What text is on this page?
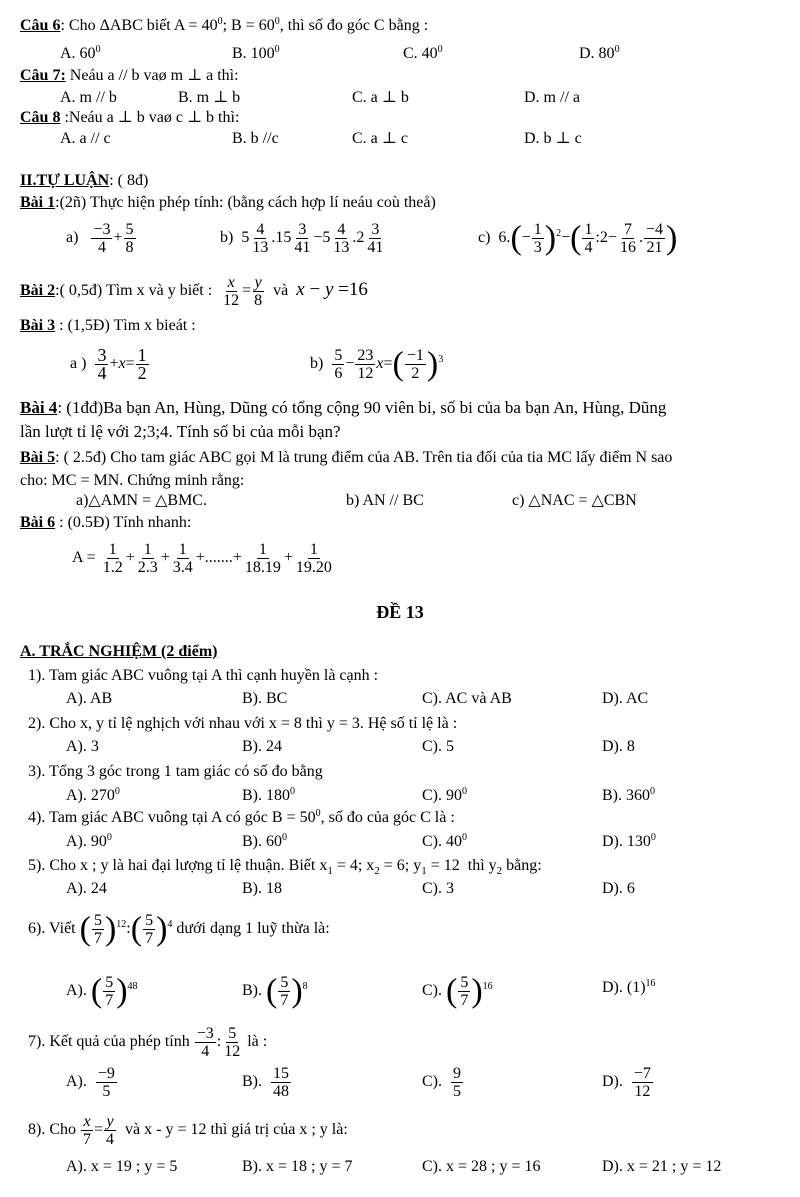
Câu 6: Cho ΔABC biết $A = 40^0$; $B = 60^0$, thì số đo góc C bằng :
A. $60^0$	B. $100^0$	C. $40^0$	D. $80^0$
Câu 7: Neáu a // b vaø m ⊥ a thì:
A. m // b	B. m ⊥ b	C. a ⊥ b	D. m // a
Câu 8 :Neáu a ⊥ b vaø c ⊥ b thì:
A. a // c	B. b //c	C. a ⊥ c	D. b ⊥ c
II.TỰ LUẬN: ( 8đ)
Bài 1:(2ñ) Thực hiện phép tính: (bằng cách hợp lí neáu coù theå)
$a) \frac{-3}{4} + \frac{5}{8}$	b)  $5 \frac{4}{13} .15 \frac{3}{41} -5 \frac{4}{13} .2 \frac{3}{41}$	c)  $6.(- \frac{1}{3} )^2-( \frac{1}{4}$ :2− $\frac{7}{16}$ . $\frac{-4}{21}$ )
Bài 2:( 0,5đ) Tìm x và y biết : $\frac{x}{12} = \frac{y}{8}$ và x − y =16
Bài 3 : (1,5Đ) Tìm x bieát :
a ) $\frac{3}{4} +x= \frac{1}{2}$	$b) \frac{5}{6} - \frac{23}{12} x=( \frac{-1}{2} )^3$
Bài 4: (1đđ)Ba bạn An, Hùng, Dũng có tổng cộng 90 viên bi, số bi của ba bạn An, Hùng, Dũng
lần lượt tỉ lệ với 2;3;4. Tính số bi của mỗi bạn?
Bài 5: ( 2.5đ) Cho tam giác ABC gọi M là trung điểm của AB. Trên tia đối của tia MC lấy điểm N sao
cho: MC = MN. Chứng minh rằng:
a)△AMN = △BMC.	b) AN // BC	c) △NAC = △CBN
Bài 6 : (0.5Đ) Tính nhanh:
$A = \frac{1}{1.2} + \frac{1}{2.3} + \frac{1}{3.4}$ +.......+ $\frac{1}{18.19} + \frac{1}{19.20}$
ĐỀ 13
A. TRẮC NGHIỆM (2 điểm)
1). Tam giác ABC vuông tại A thì cạnh huyền là cạnh :
A). AB	B). BC	C). AC và AB	D). AC
2). Cho x, y tỉ lệ nghịch với nhau với x = 8 thì y = 3. Hệ số tỉ lệ là :
A). 3	B). 24	C). 5	D). 8
3). Tổng 3 góc trong 1 tam giác có số đo bằng
A). $270^0$	B). $180^0$	C). $90^0$	B). $360^0$
4). Tam giác ABC vuông tại A có góc $B = 50^0$, số đo của góc C là :
A). $90^0$	B). $60^0$	C). $40^0$	D). $130^0$
5). Cho x ; y là hai đại lượng tỉ lệ thuận. Biết $x_1 = 4$; $x_2 = 6$; $y_1 = 12$  thì $y_2$ bằng:
A). 24	B). 18	C). 3	D). 6
6). Viết ( $\frac{5}{7}$ )$^{12}$:( $\frac{5}{7} )^4$ dưới dạng 1 luỹ thừa là:
A). ( $\frac{5}{7} )^{48}$	B). ( $\frac{5}{7} )^8$	C). ( $\frac{5}{7} )^{16}$	D). $(1)^{16}$
7). Kết quả của phép tính $\frac{-3}{4}$ : $\frac{5}{12}$ là :
A). $\frac{-9}{5}$	B). $\frac{15}{48}$	C). $\frac{9}{5}$	D). $\frac{-7}{12}$
8). Cho $\frac{x}{7} = \frac{y}{4}$ và x - y = 12 thì giá trị của x ; y là:
A). x = 19 ; y = 5	B). x = 18 ; y = 7	C). x = 28 ; y = 16	D). x = 21 ; y = 12
